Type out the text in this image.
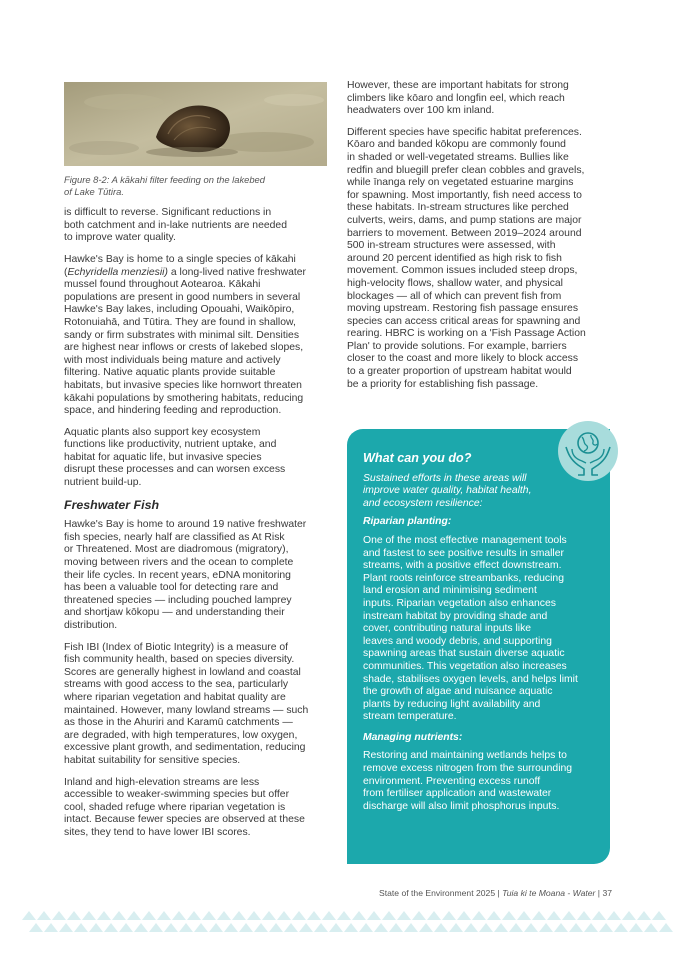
Figure 8-2: A kākahi filter feeding on the lakebed
of Lake Tūtira.

is difficult to reverse. Significant reductions in
both catchment and in-lake nutrients are needed
to improve water quality.

Hawke's Bay is home to a single species of kākahi
(Echyridella menziesii) a long-lived native freshwater
mussel found throughout Aotearoa. Kākahi
populations are present in good numbers in several
Hawke's Bay lakes, including Opouahi, Waikōpiro,
Rotonuiahā, and Tūtira. They are found in shallow,
sandy or firm substrates with minimal silt. Densities
are highest near inflows or crests of lakebed slopes,
with most individuals being mature and actively
filtering. Native aquatic plants provide suitable
habitats, but invasive species like hornwort threaten
kākahi populations by smothering habitats, reducing
space, and hindering feeding and reproduction.

Aquatic plants also support key ecosystem
functions like productivity, nutrient uptake, and
habitat for aquatic life, but invasive species
disrupt these processes and can worsen excess
nutrient build-up.

Freshwater Fish

Hawke's Bay is home to around 19 native freshwater
fish species, nearly half are classified as At Risk
or Threatened. Most are diadromous (migratory),
moving between rivers and the ocean to complete
their life cycles. In recent years, eDNA monitoring
has been a valuable tool for detecting rare and
threatened species — including pouched lamprey
and shortjaw kōkopu — and understanding their
distribution.

Fish IBI (Index of Biotic Integrity) is a measure of
fish community health, based on species diversity.
Scores are generally highest in lowland and coastal
streams with good access to the sea, particularly
where riparian vegetation and habitat quality are
maintained. However, many lowland streams — such
as those in the Ahuriri and Karamū catchments —
are degraded, with high temperatures, low oxygen,
excessive plant growth, and sedimentation, reducing
habitat suitability for sensitive species.

Inland and high-elevation streams are less
accessible to weaker-swimming species but offer
cool, shaded refuge where riparian vegetation is
intact. Because fewer species are observed at these
sites, they tend to have lower IBI scores.

However, these are important habitats for strong
climbers like kōaro and longfin eel, which reach
headwaters over 100 km inland.

Different species have specific habitat preferences.
Kōaro and banded kōkopu are commonly found
in shaded or well-vegetated streams. Bullies like
redfin and bluegill prefer clean cobbles and gravels,
while īnanga rely on vegetated estuarine margins
for spawning. Most importantly, fish need access to
these habitats. In-stream structures like perched
culverts, weirs, dams, and pump stations are major
barriers to movement. Between 2019–2024 around
500 in-stream structures were assessed, with
around 20 percent identified as high risk to fish
movement. Common issues included steep drops,
high-velocity flows, shallow water, and physical
blockages — all of which can prevent fish from
moving upstream. Restoring fish passage ensures
species can access critical areas for spawning and
rearing. HBRC is working on a 'Fish Passage Action
Plan' to provide solutions. For example, barriers
closer to the coast and more likely to block access
to a greater proportion of upstream habitat would
be a priority for establishing fish passage.

What can you do?

Sustained efforts in these areas will
improve water quality, habitat health,
and ecosystem resilience:

Riparian planting:

One of the most effective management tools
and fastest to see positive results in smaller
streams, with a positive effect downstream.
Plant roots reinforce streambanks, reducing
land erosion and minimising sediment
inputs. Riparian vegetation also enhances
instream habitat by providing shade and
cover, contributing natural inputs like
leaves and woody debris, and supporting
spawning areas that sustain diverse aquatic
communities. This vegetation also increases
shade, stabilises oxygen levels, and helps limit
the growth of algae and nuisance aquatic
plants by reducing light availability and
stream temperature.

Managing nutrients:

Restoring and maintaining wetlands helps to
remove excess nitrogen from the surrounding
environment. Preventing excess runoff
from fertiliser application and wastewater
discharge will also limit phosphorus inputs.

State of the Environment 2025 | Tuia ki te Moana - Water | 37
